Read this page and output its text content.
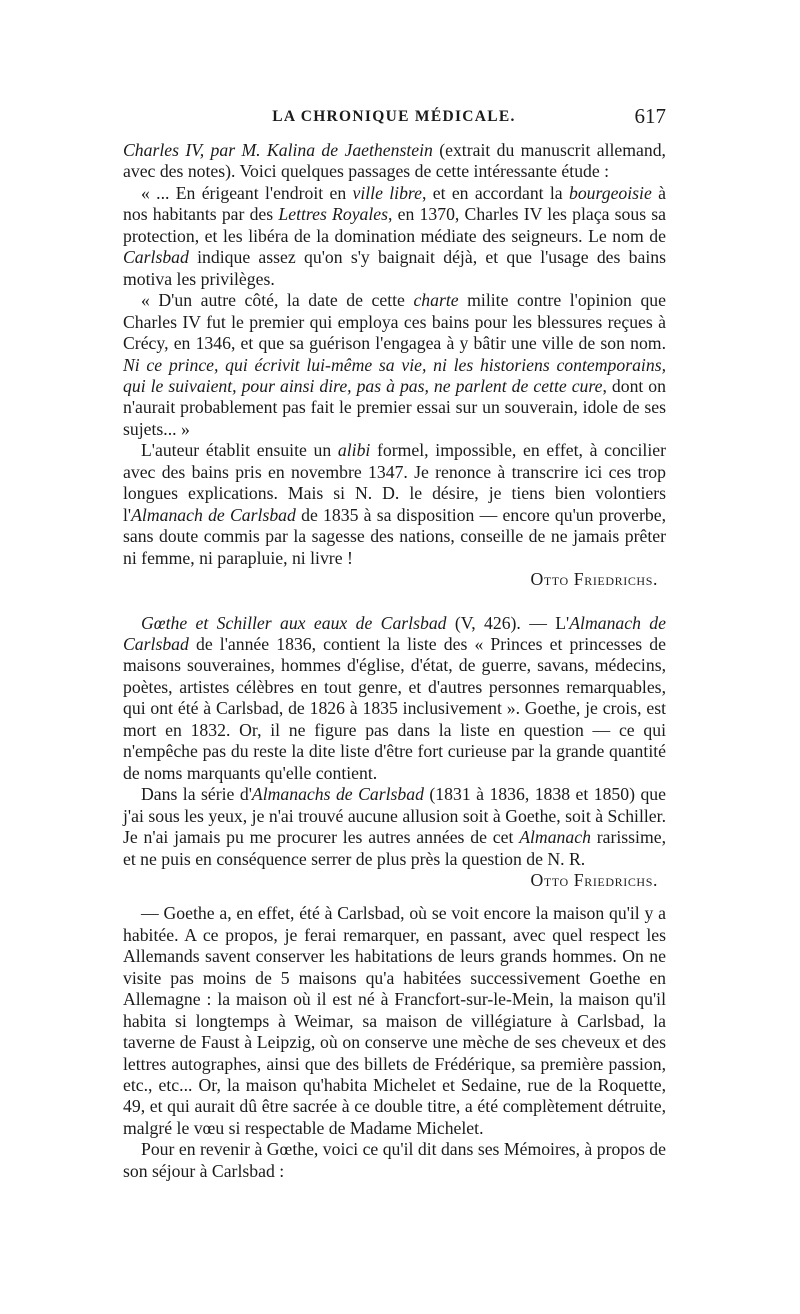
LA CHRONIQUE MÉDICALE.	617

Charles IV, par M. Kalina de Jaethenstein (extrait du manuscrit allemand, avec des notes). Voici quelques passages de cette intéressante étude :

« ... En érigeant l'endroit en ville libre, et en accordant la bourgeoisie à nos habitants par des Lettres Royales, en 1370, Charles IV les plaça sous sa protection, et les libéra de la domination médiate des seigneurs. Le nom de Carlsbad indique assez qu'on s'y baignait déjà, et que l'usage des bains motiva les privilèges.

« D'un autre côté, la date de cette charte milite contre l'opinion que Charles IV fut le premier qui employa ces bains pour les blessures reçues à Crécy, en 1346, et que sa guérison l'engagea à y bâtir une ville de son nom. Ni ce prince, qui écrivit lui-même sa vie, ni les historiens contemporains, qui le suivaient, pour ainsi dire, pas à pas, ne parlent de cette cure, dont on n'aurait probablement pas fait le premier essai sur un souverain, idole de ses sujets... »

L'auteur établit ensuite un alibi formel, impossible, en effet, à concilier avec des bains pris en novembre 1347. Je renonce à transcrire ici ces trop longues explications. Mais si N. D. le désire, je tiens bien volontiers l'Almanach de Carlsbad de 1835 à sa disposition — encore qu'un proverbe, sans doute commis par la sagesse des nations, conseille de ne jamais prêter ni femme, ni parapluie, ni livre !

Otto Friedrichs.

Gœthe et Schiller aux eaux de Carlsbad (V, 426). — L'Almanach de Carlsbad de l'année 1836, contient la liste des « Princes et princesses de maisons souveraines, hommes d'église, d'état, de guerre, savans, médecins, poètes, artistes célèbres en tout genre, et d'autres personnes remarquables, qui ont été à Carlsbad, de 1826 à 1835 inclusivement ». Goethe, je crois, est mort en 1832. Or, il ne figure pas dans la liste en question — ce qui n'empêche pas du reste la dite liste d'être fort curieuse par la grande quantité de noms marquants qu'elle contient.

Dans la série d'Almanachs de Carlsbad (1831 à 1836, 1838 et 1850) que j'ai sous les yeux, je n'ai trouvé aucune allusion soit à Goethe, soit à Schiller. Je n'ai jamais pu me procurer les autres années de cet Almanach rarissime, et ne puis en conséquence serrer de plus près la question de N. R.

Otto Friedrichs.

— Goethe a, en effet, été à Carlsbad, où se voit encore la maison qu'il y a habitée. A ce propos, je ferai remarquer, en passant, avec quel respect les Allemands savent conserver les habitations de leurs grands hommes. On ne visite pas moins de 5 maisons qu'a habitées successivement Goethe en Allemagne : la maison où il est né à Francfort-sur-le-Mein, la maison qu'il habita si longtemps à Weimar, sa maison de villégiature à Carlsbad, la taverne de Faust à Leipzig, où on conserve une mèche de ses cheveux et des lettres autographes, ainsi que des billets de Frédérique, sa première passion, etc., etc... Or, la maison qu'habita Michelet et Sedaine, rue de la Roquette, 49, et qui aurait dû être sacrée à ce double titre, a été complètement détruite, malgré le vœu si respectable de Madame Michelet.

Pour en revenir à Gœthe, voici ce qu'il dit dans ses Mémoires, à propos de son séjour à Carlsbad :
